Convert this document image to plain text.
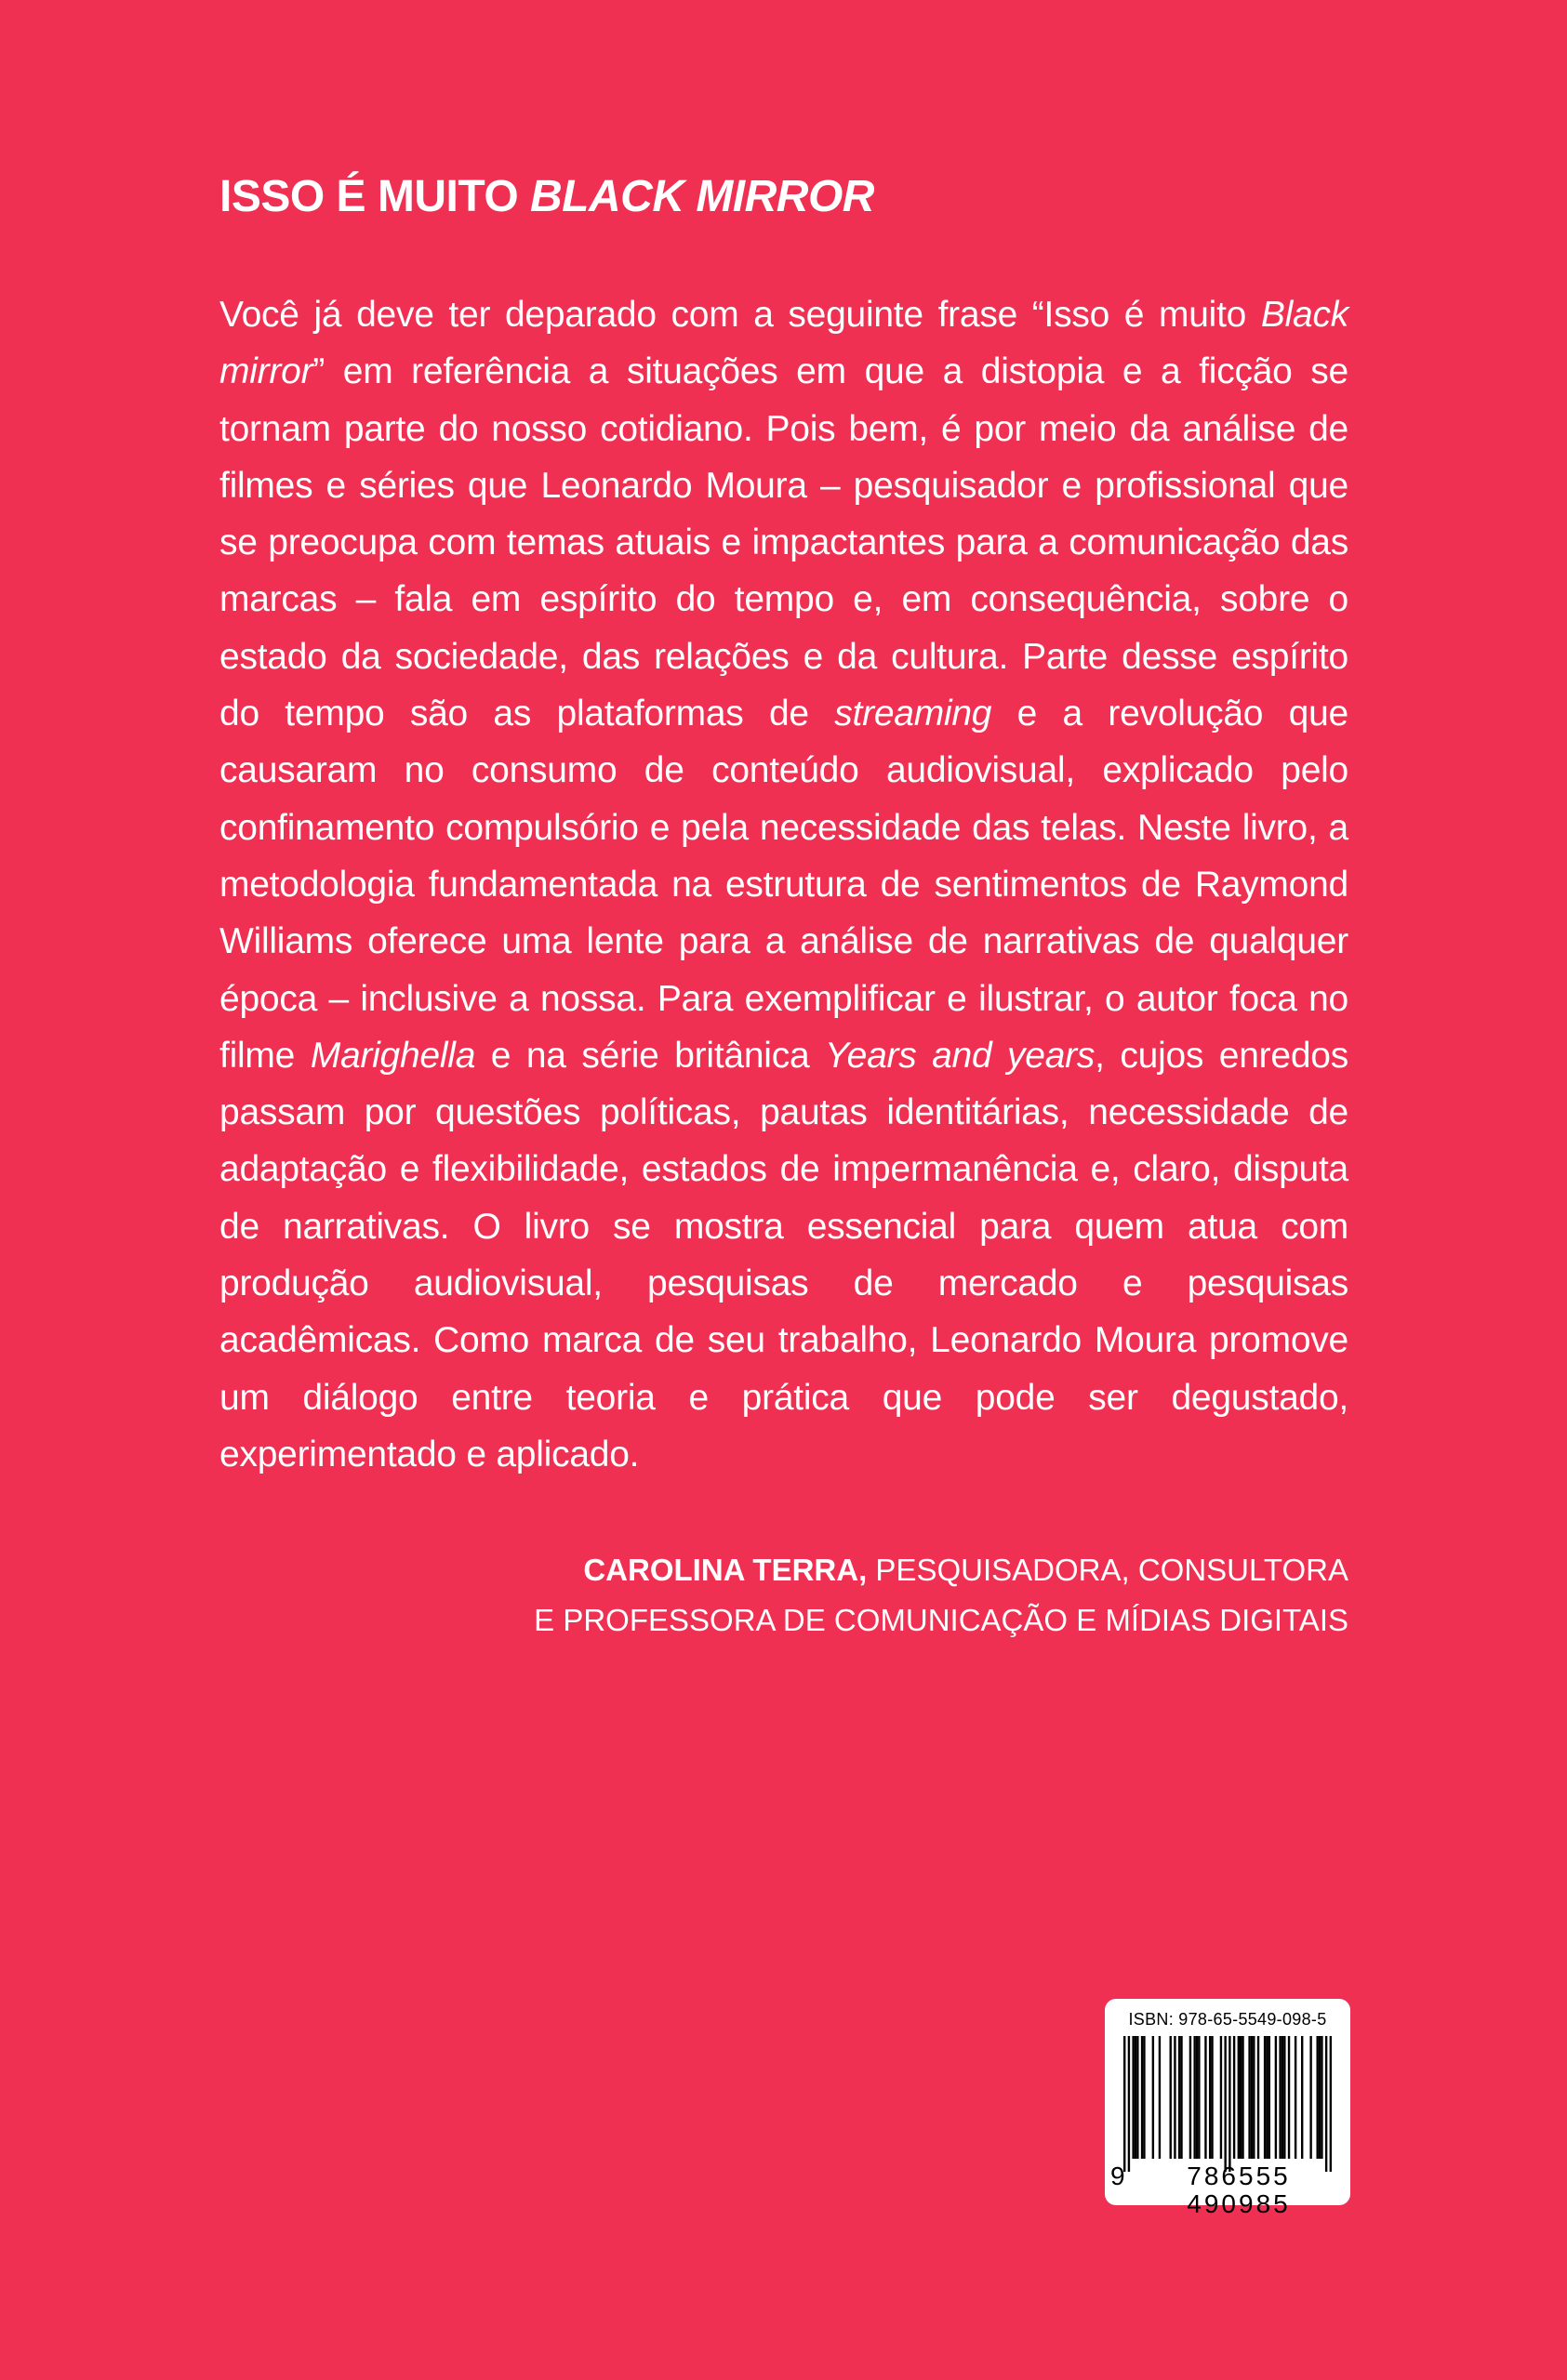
ISSO É MUITO BLACK MIRROR

Você já deve ter deparado com a seguinte frase “Isso é muito Black mirror” em referência a situações em que a distopia e a ficção se tornam parte do nosso cotidiano. Pois bem, é por meio da análise de filmes e séries que Leonardo Moura – pesquisador e profissional que se preocupa com temas atuais e impactantes para a comunicação das marcas – fala em espírito do tempo e, em consequência, sobre o estado da sociedade, das relações e da cultura. Parte desse espírito do tempo são as plataformas de streaming e a revolução que causaram no consumo de conteúdo audiovisual, explicado pelo confinamento compulsório e pela necessidade das telas. Neste livro, a metodologia fundamentada na estrutura de sentimentos de Raymond Williams oferece uma lente para a análise de narrativas de qualquer época – inclusive a nossa. Para exemplificar e ilustrar, o autor foca no filme Marighella e na série britânica Years and years, cujos enredos passam por questões políticas, pautas identitárias, necessidade de adaptação e flexibilidade, estados de impermanência e, claro, disputa de narrativas. O livro se mostra essencial para quem atua com produção audiovisual, pesquisas de mercado e pesquisas acadêmicas. Como marca de seu trabalho, Leonardo Moura promove um diálogo entre teoria e prática que pode ser degustado, experimentado e aplicado.

CAROLINA TERRA, PESQUISADORA, CONSULTORA
E PROFESSORA DE COMUNICAÇÃO E MÍDIAS DIGITAIS
ISBN: 978-65-5549-098-5
9	786555 490985
